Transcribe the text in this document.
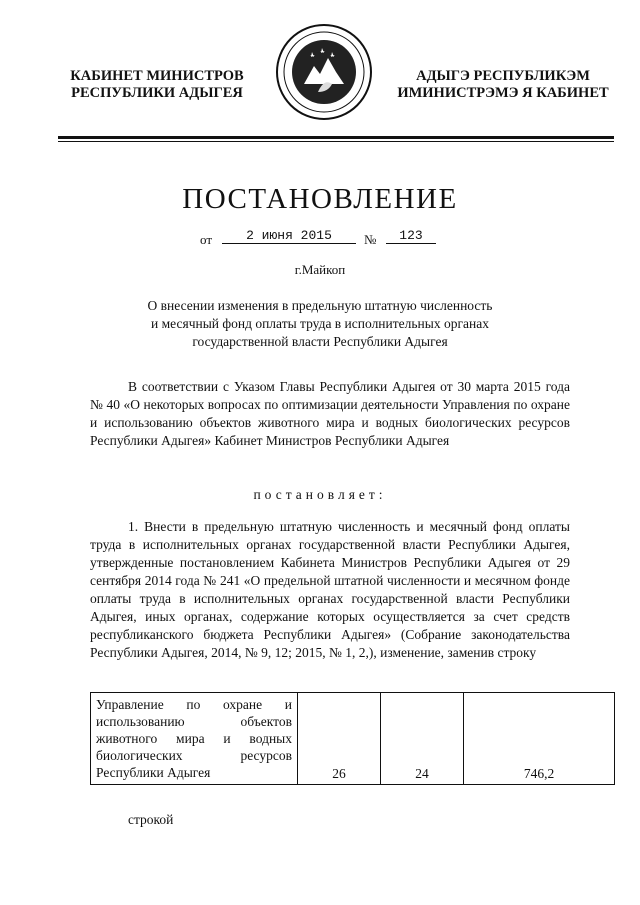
КАБИНЕТ МИНИСТРОВ
РЕСПУБЛИКИ АДЫГЕЯ
АДЫГЭ РЕСПУБЛИКЭМ
ИМИНИСТРЭМЭ Я КАБИНЕТ
ПОСТАНОВЛЕНИЕ
от	2 июня 2015	№	123
г.Майкоп
О внесении изменения в предельную штатную численность
и месячный фонд оплаты труда в исполнительных органах
государственной власти Республики Адыгея
В соответствии с Указом Главы Республики Адыгея от 30 марта 2015 года № 40 «О некоторых вопросах по оптимизации деятельности Управления по охране и использованию объектов животного мира и водных биологических ресурсов Республики Адыгея» Кабинет Министров Республики Адыгея
постановляет:
1. Внести в предельную штатную численность и месячный фонд оплаты труда в исполнительных органах государственной власти Республики Адыгея, утвержденные постановлением Кабинета Министров Республики Адыгея от 29 сентября 2014 года № 241 «О предельной штатной численности и месячном фонде оплаты труда в исполнительных органах государственной власти Республики Адыгея, иных органах, содержание которых осуществляется за счет средств республиканского бюджета Республики Адыгея» (Собрание законодательства Республики Адыгея, 2014, № 9, 12; 2015, № 1, 2,), изменение, заменив строку
Управление по охране и использованию объектов животного мира и водных биологических ресурсов Республики Адыгея	26	24	746,2
строкой
